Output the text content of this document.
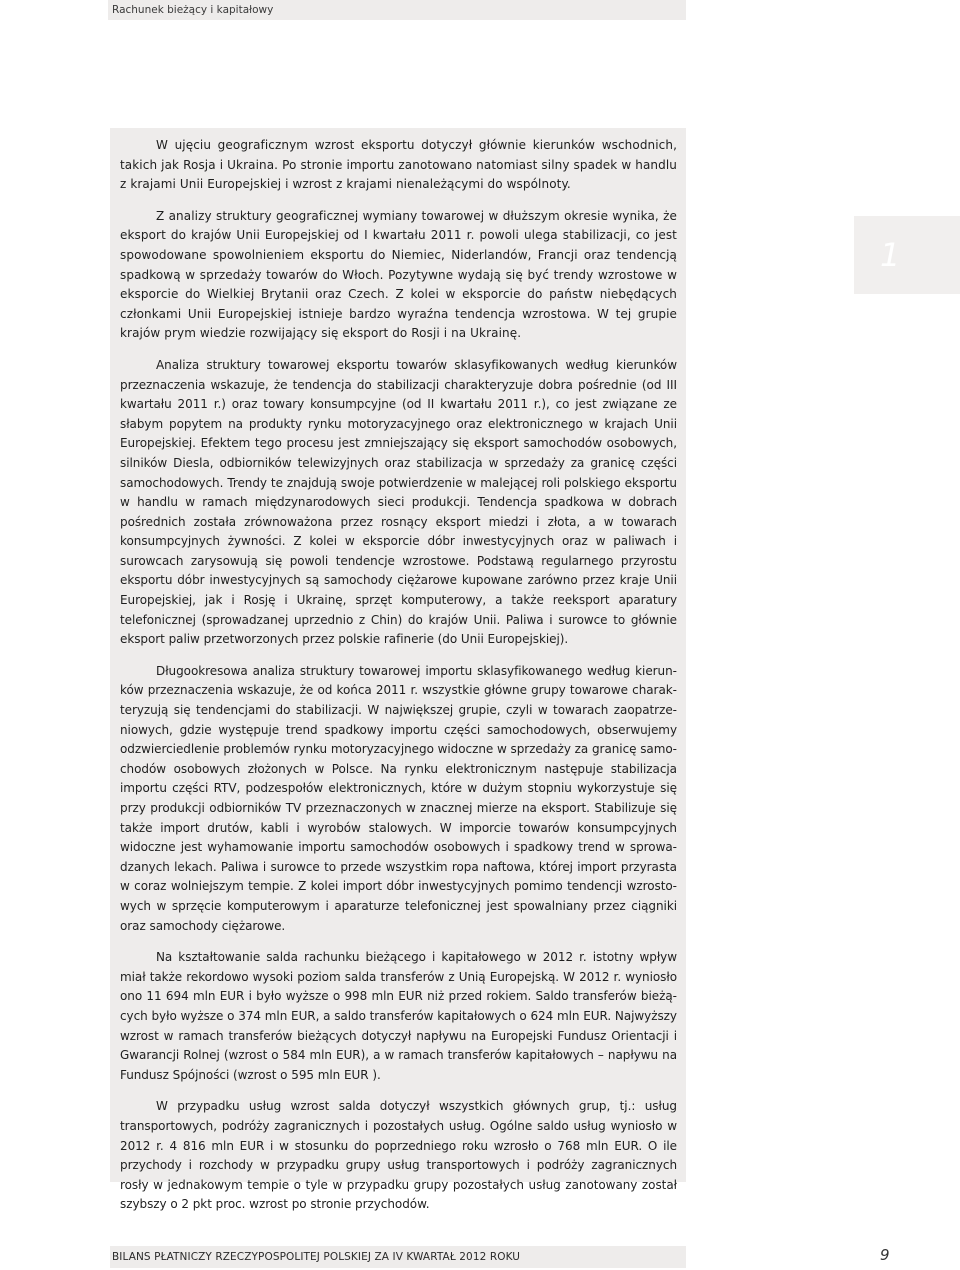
Rachunek bieżący i kapitałowy

W ujęciu geograficznym wzrost eksportu dotyczył głównie kierunków wschodnich, takich jak Rosja i Ukraina. Po stronie importu zanotowano natomiast silny spadek w handlu z krajami Unii Europejskiej i wzrost z krajami nienależącymi do wspólnoty.

Z analizy struktury geograficznej wymiany towarowej w dłuższym okresie wynika, że eksport do krajów Unii Europejskiej od I kwartału 2011 r. powoli ulega stabilizacji, co jest spowodowane spowolnieniem eksportu do Niemiec, Niderlandów, Francji oraz tendencją spadkową w sprzedaży towarów do Włoch. Pozytywne wydają się być trendy wzrostowe w eksporcie do Wielkiej Brytanii oraz Czech. Z kolei w eksporcie do państw niebędących członkami Unii Europejskiej istnieje bardzo wyraźna tendencja wzrostowa. W tej grupie krajów prym wiedzie rozwijający się eksport do Rosji i na Ukrainę.

Analiza struktury towarowej eksportu towarów sklasyfikowanych według kierunków przeznaczenia wskazuje, że tendencja do stabilizacji charakteryzuje dobra pośrednie (od III kwartału 2011 r.) oraz towary konsumpcyjne (od II kwartału 2011 r.), co jest związane ze słabym popytem na produkty rynku motoryzacyjnego oraz elektronicznego w krajach Unii Europejskiej. Efektem tego procesu jest zmniejszający się eksport samochodów osobowych, silników Diesla, odbiorników telewizyjnych oraz stabilizacja w sprzedaży za granicę części samochodowych. Trendy te znajdują swoje potwierdzenie w malejącej roli polskiego eksportu w handlu w ramach międzynarodowych sieci produkcji. Tendencja spadkowa w dobrach pośrednich została zrównoważona przez rosnący eksport miedzi i złota, a w towarach konsumpcyjnych żywności. Z kolei w eksporcie dóbr inwestycyjnych oraz w paliwach i surowcach zarysowują się powoli tendencje wzrostowe. Podstawą regularnego przyrostu eksportu dóbr inwestycyjnych są samochody ciężarowe kupowane zarówno przez kraje Unii Europejskiej, jak i Rosję i Ukrainę, sprzęt komputerowy, a także reeksport aparatury telefonicznej (sprowadzanej uprzednio z Chin) do krajów Unii. Paliwa i surowce to głównie eksport paliw przetworzonych przez polskie rafinerie (do Unii Europejskiej).

Długookresowa analiza struktury towarowej importu sklasyfikowanego według kierunków przeznaczenia wskazuje, że od końca 2011 r. wszystkie główne grupy towarowe charakteryzują się tendencjami do stabilizacji. W największej grupie, czyli w towarach zaopatrzeniowych, gdzie występuje trend spadkowy importu części samochodowych, obserwujemy odzwierciedlenie problemów rynku motoryzacyjnego widoczne w sprzedaży za granicę samochodów osobowych złożonych w Polsce. Na rynku elektronicznym następuje stabilizacja importu części RTV, podzespołów elektronicznych, które w dużym stopniu wykorzystuje się przy produkcji odbiorników TV przeznaczonych w znacznej mierze na eksport. Stabilizuje się także import drutów, kabli i wyrobów stalowych. W imporcie towarów konsumpcyjnych widoczne jest wyhamowanie importu samochodów osobowych i spadkowy trend w sprowadzanych lekach. Paliwa i surowce to przede wszystkim ropa naftowa, której import przyrasta w coraz wolniejszym tempie. Z kolei import dóbr inwestycyjnych pomimo tendencji wzrostowych w sprzęcie komputerowym i aparaturze telefonicznej jest spowalniany przez ciągniki oraz samochody ciężarowe.

Na kształtowanie salda rachunku bieżącego i kapitałowego w 2012 r. istotny wpływ miał także rekordowo wysoki poziom salda transferów z Unią Europejską. W 2012 r. wyniosło ono 11 694 mln EUR i było wyższe o 998 mln EUR niż przed rokiem. Saldo transferów bieżących było wyższe o 374 mln EUR, a saldo transferów kapitałowych o 624 mln EUR. Najwyższy wzrost w ramach transferów bieżących dotyczył napływu na Europejski Fundusz Orientacji i Gwarancji Rolnej (wzrost o 584 mln EUR), a w ramach transferów kapitałowych – napływu na Fundusz Spójności (wzrost o 595 mln EUR ).

W przypadku usług wzrost salda dotyczył wszystkich głównych grup, tj.: usług transportowych, podróży zagranicznych i pozostałych usług. Ogólne saldo usług wyniosło w 2012 r. 4 816 mln EUR i w stosunku do poprzedniego roku wzrosło o 768 mln EUR. O ile przychody i rozchody w przypadku grupy usług transportowych i podróży zagranicznych rosły w jednakowym tempie o tyle w przypadku grupy pozostałych usług zanotowany został szybszy o 2 pkt proc. wzrost po stronie przychodów.

1
BILANS PŁATNICZY RZECZYPOSPOLITEJ POLSKIEJ ZA IV KWARTAŁ 2012 ROKU	9
